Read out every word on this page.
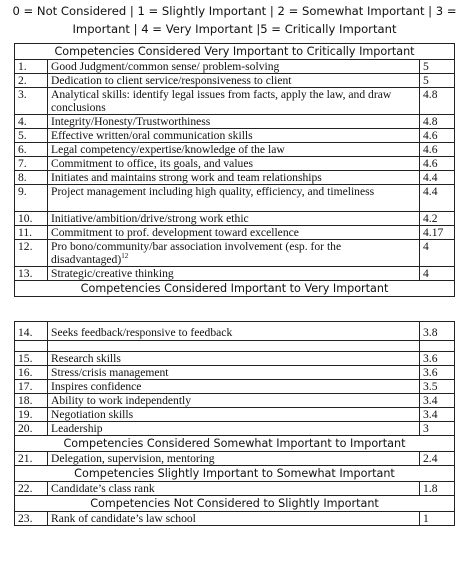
0 = Not Considered | 1 = Slightly Important | 2 = Somewhat Important | 3 =
Important | 4 = Very Important |5 = Critically Important
Competencies Considered Very Important to Critically Important		
1.	Good Judgment/common sense/ problem-solving	5
2.	Dedication to client service/responsiveness to client	5
3.	Analytical skills: identify legal issues from facts, apply the law, and draw conclusions	4.8
4.	Integrity/Honesty/Trustworthiness	4.8
5.	Effective written/oral communication skills	4.6
6.	Legal competency/expertise/knowledge of the law	4.6
7.	Commitment to office, its goals, and values	4.6
8.	Initiates and maintains strong work and team relationships	4.4
9.	Project management including high quality, efficiency, and timeliness	4.4
10.	Initiative/ambition/drive/strong work ethic	4.2
11.	Commitment to prof. development toward excellence	4.17
12.	Pro bono/community/bar association involvement (esp. for the disadvantaged)$^{12}$	4
13.	Strategic/creative thinking	4
Competencies Considered Important to Very Important		

14.	Seeks feedback/responsive to feedback	3.8

15.	Research skills	3.6
16.	Stress/crisis management	3.6
17.	Inspires confidence	3.5
18.	Ability to work independently	3.4
19.	Negotiation skills	3.4
20.	Leadership	3
Competencies Considered Somewhat Important to Important		
21.	Delegation, supervision, mentoring	2.4
Competencies Slightly Important to Somewhat Important		
22.	Candidate’s class rank	1.8
Competencies Not Considered to Slightly Important		
23.	Rank of candidate’s law school	1
